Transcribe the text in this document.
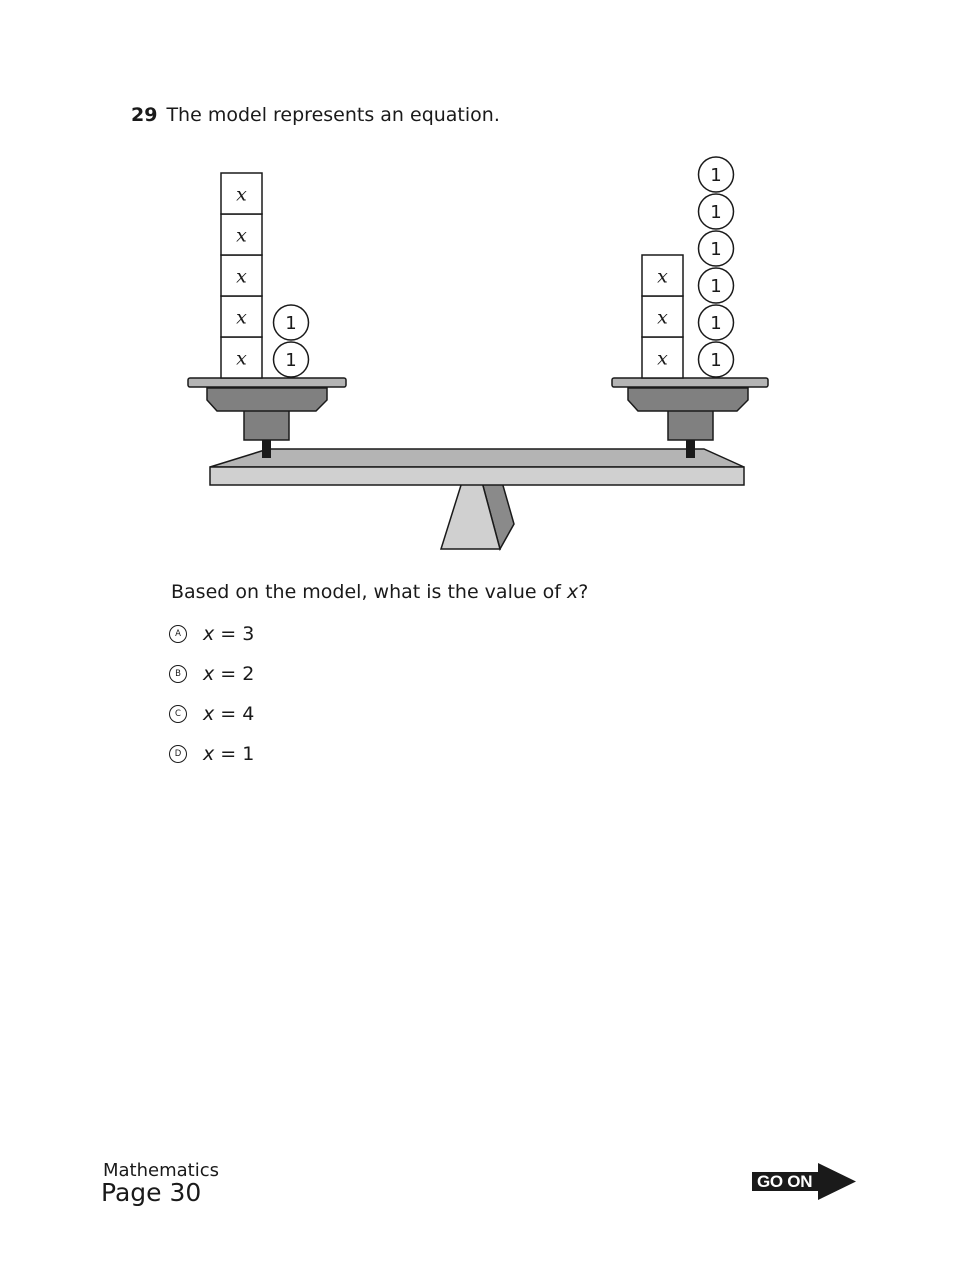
29 The model represents an equation.
x
x
x
x
x
1
1
x
x
x
1
1
1
1
1
1
Based on the model, what is the value of x?
A	x = 3
B	x = 2
C	x = 4
D	x = 1
Mathematics
Page 30	GO ON
